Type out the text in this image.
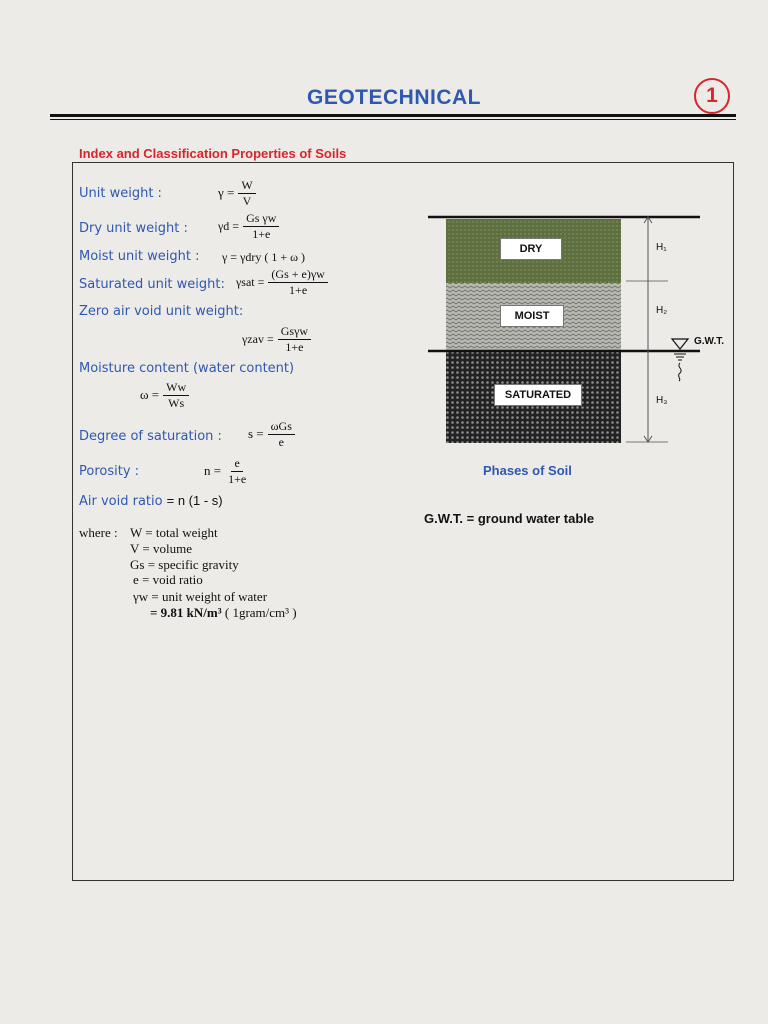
GEOTECHNICAL	1
Index and Classification Properties of Soils
Unit weight :	$\gamma = \frac{W}{V}$
Dry unit weight :	$\gamma d = \frac{\text{Gs γw}}{1+e}$
Moist unit weight : γ = γdry ( 1 + ω )
Saturated unit weight: $\gamma sat = \frac{(Gs + e)\gamma w}{1+e}$
Zero air void unit weight:
$\gamma zav = \frac{\text{Gsγw}}{1+e}$
Moisture content (water content)
$\omega = \frac{Ww}{Ws}$
Degree of saturation : $s = \frac{\text{ωGs}}{e}$
Porosity :	$n = \frac{e}{1+e}$
Air void ratio = n (1 - s)
where : W = total weight
V = volume
Gs = specific gravity
e = void ratio
γw = unit weight of water
= 9.81 kN/m³ ( 1gram/cm³ )
DRY
MOIST
SATURATED
H₁
H₂
H₃
G.W.T.
Phases of Soil
G.W.T. = ground water table
